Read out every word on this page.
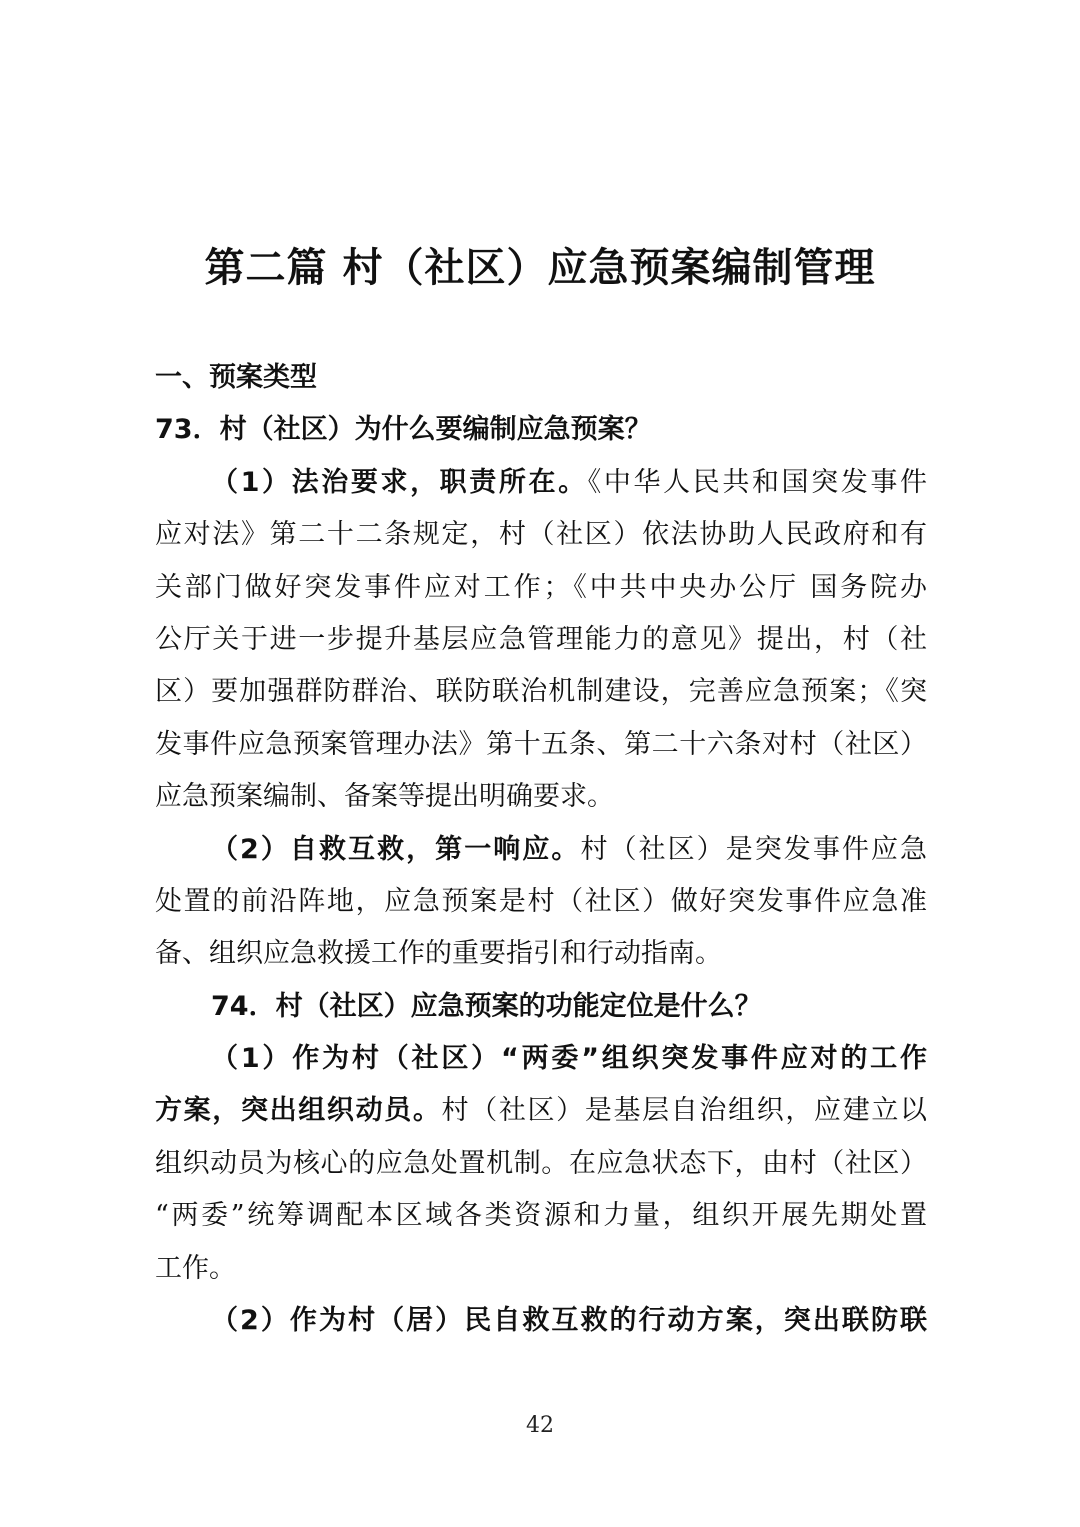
第二篇 村（社区）应急预案编制管理
一、预案类型
73．村（社区）为什么要编制应急预案？
（1）法治要求，职责所在。《中华人民共和国突发事件
应对法》第二十二条规定，村（社区）依法协助人民政府和有
关部门做好突发事件应对工作；《中共中央办公厅 国务院办
公厅关于进一步提升基层应急管理能力的意见》提出，村（社
区）要加强群防群治、联防联治机制建设，完善应急预案；《突
发事件应急预案管理办法》第十五条、第二十六条对村（社区）
应急预案编制、备案等提出明确要求。
（2）自救互救，第一响应。村（社区）是突发事件应急
处置的前沿阵地，应急预案是村（社区）做好突发事件应急准
备、组织应急救援工作的重要指引和行动指南。
74．村（社区）应急预案的功能定位是什么？
（1）作为村（社区）“两委”组织突发事件应对的工作
方案，突出组织动员。村（社区）是基层自治组织，应建立以
组织动员为核心的应急处置机制。在应急状态下，由村（社区）
“两委”统筹调配本区域各类资源和力量，组织开展先期处置
工作。
（2）作为村（居）民自救互救的行动方案，突出联防联
42
